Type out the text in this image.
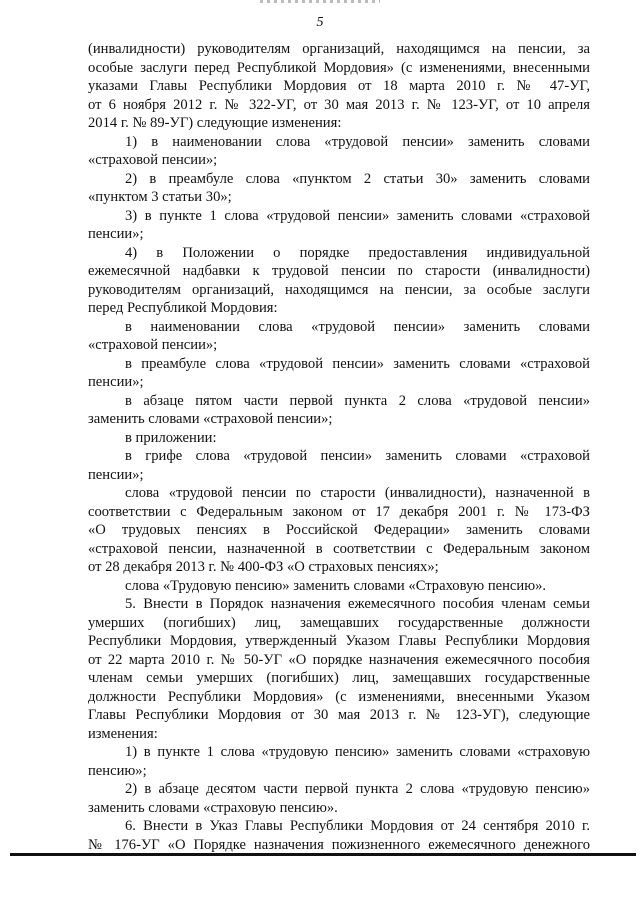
5
(инвалидности) руководителям организаций, находящимся на пенсии, за
особые заслуги перед Республикой Мордовия» (с изменениями, внесенными
указами Главы Республики Мордовия от 18 марта 2010 г. № 47-УГ,
от 6 ноября 2012 г. № 322-УГ, от 30 мая 2013 г. № 123-УГ, от 10 апреля
2014 г. № 89-УГ) следующие изменения:
1) в наименовании слова «трудовой пенсии» заменить словами
«страховой пенсии»;
2) в преамбуле слова «пунктом 2 статьи 30» заменить словами
«пунктом 3 статьи 30»;
3) в пункте 1 слова «трудовой пенсии» заменить словами «страховой
пенсии»;
4) в Положении о порядке предоставления индивидуальной
ежемесячной надбавки к трудовой пенсии по старости (инвалидности)
руководителям организаций, находящимся на пенсии, за особые заслуги
перед Республикой Мордовия:
в наименовании слова «трудовой пенсии» заменить словами
«страховой пенсии»;
в преамбуле слова «трудовой пенсии» заменить словами «страховой
пенсии»;
в абзаце пятом части первой пункта 2 слова «трудовой пенсии»
заменить словами «страховой пенсии»;
в приложении:
в грифе слова «трудовой пенсии» заменить словами «страховой
пенсии»;
слова «трудовой пенсии по старости (инвалидности), назначенной в
соответствии с Федеральным законом от 17 декабря 2001 г. № 173-ФЗ
«О трудовых пенсиях в Российской Федерации» заменить словами
«страховой пенсии, назначенной в соответствии с Федеральным законом
от 28 декабря 2013 г. № 400-ФЗ «О страховых пенсиях»;
слова «Трудовую пенсию» заменить словами «Страховую пенсию».
5. Внести в Порядок назначения ежемесячного пособия членам семьи
умерших (погибших) лиц, замещавших государственные должности
Республики Мордовия, утвержденный Указом Главы Республики Мордовия
от 22 марта 2010 г. № 50-УГ «О порядке назначения ежемесячного пособия
членам семьи умерших (погибших) лиц, замещавших государственные
должности Республики Мордовия» (с изменениями, внесенными Указом
Главы Республики Мордовия от 30 мая 2013 г. № 123-УГ), следующие
изменения:
1) в пункте 1 слова «трудовую пенсию» заменить словами «страховую
пенсию»;
2) в абзаце десятом части первой пункта 2 слова «трудовую пенсию»
заменить словами «страховую пенсию».
6. Внести в Указ Главы Республики Мордовия от 24 сентября 2010 г.
№ 176-УГ «О Порядке назначения пожизненного ежемесячного денежного
